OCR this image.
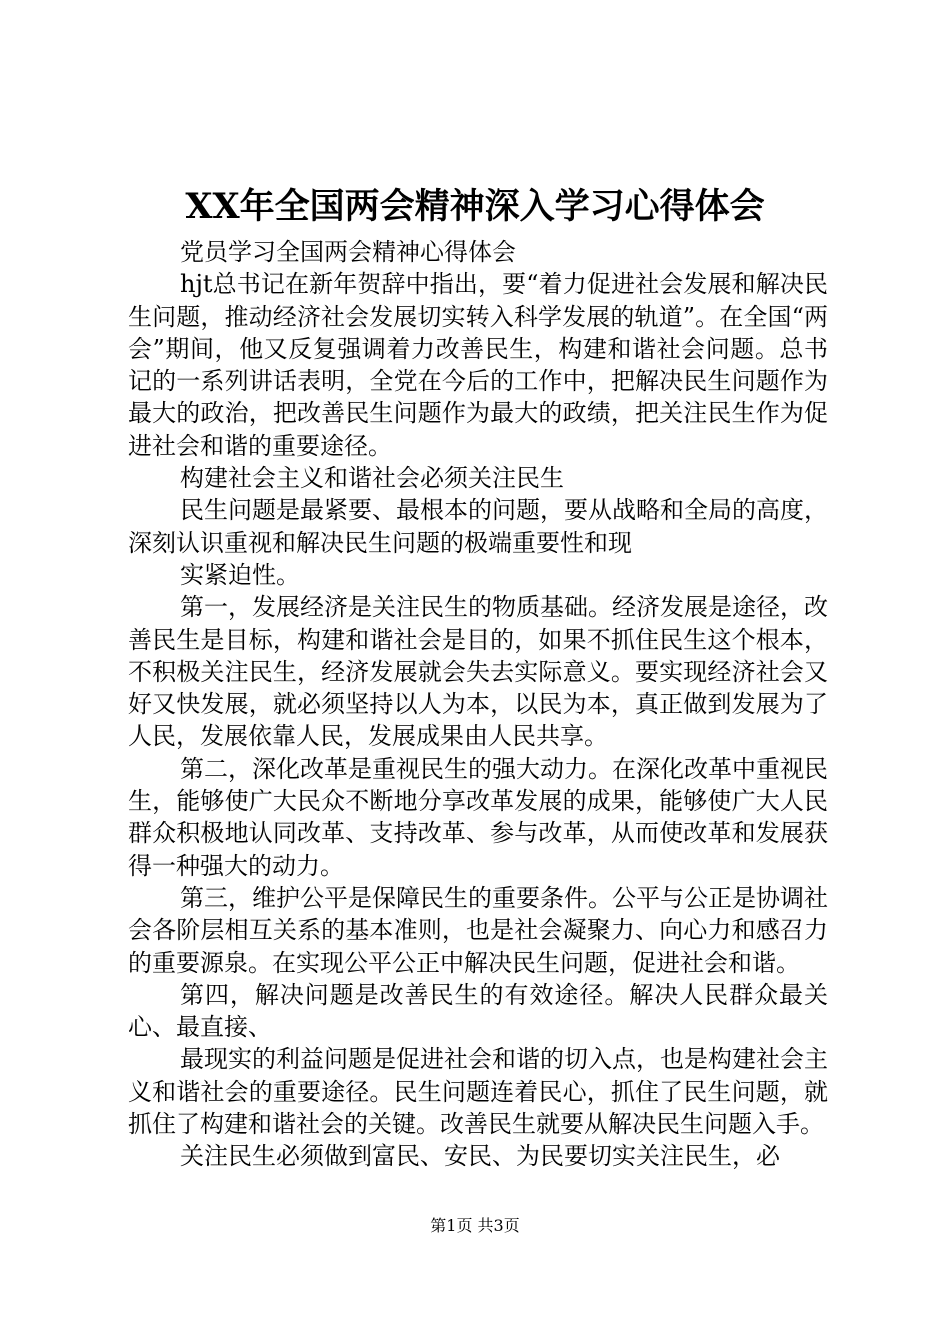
XX年全国两会精神深入学习心得体会

党员学习全国两会精神心得体会

hjt总书记在新年贺辞中指出，要“着力促进社会发展和解决民生问题，推动经济社会发展切实转入科学发展的轨道”。在全国“两会”期间，他又反复强调着力改善民生，构建和谐社会问题。总书记的一系列讲话表明，全党在今后的工作中，把解决民生问题作为最大的政治，把改善民生问题作为最大的政绩，把关注民生作为促进社会和谐的重要途径。

构建社会主义和谐社会必须关注民生

民生问题是最紧要、最根本的问题，要从战略和全局的高度，深刻认识重视和解决民生问题的极端重要性和现

实紧迫性。

第一，发展经济是关注民生的物质基础。经济发展是途径，改善民生是目标，构建和谐社会是目的，如果不抓住民生这个根本，不积极关注民生，经济发展就会失去实际意义。要实现经济社会又好又快发展，就必须坚持以人为本，以民为本，真正做到发展为了人民，发展依靠人民，发展成果由人民共享。

第二，深化改革是重视民生的强大动力。在深化改革中重视民生，能够使广大民众不断地分享改革发展的成果，能够使广大人民群众积极地认同改革、支持改革、参与改革，从而使改革和发展获得一种强大的动力。

第三，维护公平是保障民生的重要条件。公平与公正是协调社会各阶层相互关系的基本准则，也是社会凝聚力、向心力和感召力的重要源泉。在实现公平公正中解决民生问题，促进社会和谐。

第四，解决问题是改善民生的有效途径。解决人民群众最关心、最直接、

最现实的利益问题是促进社会和谐的切入点，也是构建社会主义和谐社会的重要途径。民生问题连着民心，抓住了民生问题，就抓住了构建和谐社会的关键。改善民生就要从解决民生问题入手。

关注民生必须做到富民、安民、为民要切实关注民生，必

第1页 共3页
